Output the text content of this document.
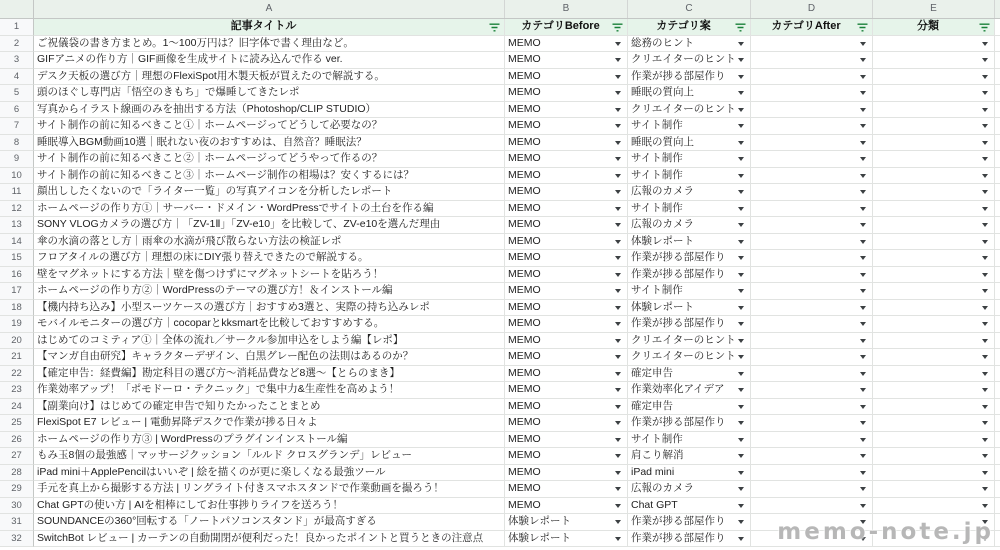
A	B	C	D	E
1	記事タイトル	カテゴリBefore	カテゴリ案	カテゴリAfter	分類
2	ご祝儀袋の書き方まとめ。1〜100万円は？旧字体で書く理由など。	MEMO	総務のヒント
3	GIFアニメの作り方｜GIF画像を生成サイトに読み込んで作る ver.	MEMO	クリエイターのヒント
4	デスク天板の選び方｜理想のFlexiSpot用木製天板が買えたので解説する。	MEMO	作業が捗る部屋作り
5	頭のほぐし専門店「悟空のきもち」で爆睡してきたレポ	MEMO	睡眠の質向上
6	写真からイラスト線画のみを抽出する方法（Photoshop/CLIP STUDIO）	MEMO	クリエイターのヒント
7	サイト制作の前に知るべきこと①｜ホームページってどうして必要なの？	MEMO	サイト制作
8	睡眠導入BGM動画10選｜眠れない夜のおすすめは、自然音？睡眠法？	MEMO	睡眠の質向上
9	サイト制作の前に知るべきこと②｜ホームページってどうやって作るの？	MEMO	サイト制作
10	サイト制作の前に知るべきこと③｜ホームページ制作の相場は？安くするには？	MEMO	サイト制作
11	顔出ししたくないので「ライター一覧」の写真アイコンを分析したレポート	MEMO	広報のカメラ
12	ホームページの作り方①｜サーバー・ドメイン・WordPressでサイトの土台を作る編	MEMO	サイト制作
13	SONY VLOGカメラの選び方｜「ZV-1Ⅱ」「ZV-e10」を比較して、ZV-e10を選んだ理由	MEMO	広報のカメラ
14	傘の水滴の落とし方｜雨傘の水滴が飛び散らない方法の検証レポ	MEMO	体験レポート
15	フロアタイルの選び方｜理想の床にDIY張り替えできたので解説する。	MEMO	作業が捗る部屋作り
16	壁をマグネットにする方法｜壁を傷つけずにマグネットシートを貼ろう！	MEMO	作業が捗る部屋作り
17	ホームページの作り方②｜WordPressのテーマの選び方！＆インストール編	MEMO	サイト制作
18	【機内持ち込み】小型スーツケースの選び方｜おすすめ3選と、実際の持ち込みレポ	MEMO	体験レポート
19	モバイルモニターの選び方｜cocoparとkksmartを比較しておすすめする。	MEMO	作業が捗る部屋作り
20	はじめてのコミティア①｜全体の流れ／サークル参加申込をしよう編【レポ】	MEMO	クリエイターのヒント
21	【マンガ自由研究】キャラクターデザイン、白黒グレー配色の法則はあるのか？	MEMO	クリエイターのヒント
22	【確定申告：経費編】勘定科目の選び方〜消耗品費など8選〜【とらのまき】	MEMO	確定申告
23	作業効率アップ！「ポモドーロ・テクニック」で集中力&生産性を高めよう！	MEMO	作業効率化アイデア
24	【副業向け】はじめての確定申告で知りたかったことまとめ	MEMO	確定申告
25	FlexiSpot E7 レビュー | 電動昇降デスクで作業が捗る日々よ	MEMO	作業が捗る部屋作り
26	ホームページの作り方③ | WordPressのプラグインインストール編	MEMO	サイト制作
27	もみ玉8個の最強感｜マッサージクッション「ルルド クロスグランデ」レビュー	MEMO	肩こり解消
28	iPad mini＋ApplePencilはいいぞ | 絵を描くのが更に楽しくなる最強ツール	MEMO	iPad mini
29	手元を真上から撮影する方法 | リングライト付きスマホスタンドで作業動画を撮ろう！	MEMO	広報のカメラ
30	Chat GPTの使い方 | AIを相棒にしてお仕事捗りライフを送ろう！	MEMO	Chat GPT
31	SOUNDANCEの360°回転する「ノートパソコンスタンド」が最高すぎる	体験レポート	作業が捗る部屋作り
32	SwitchBot レビュー | カーテンの自動開閉が便利だった！良かったポイントと買うときの注意点	体験レポート	作業が捗る部屋作り	memo-note.jp
